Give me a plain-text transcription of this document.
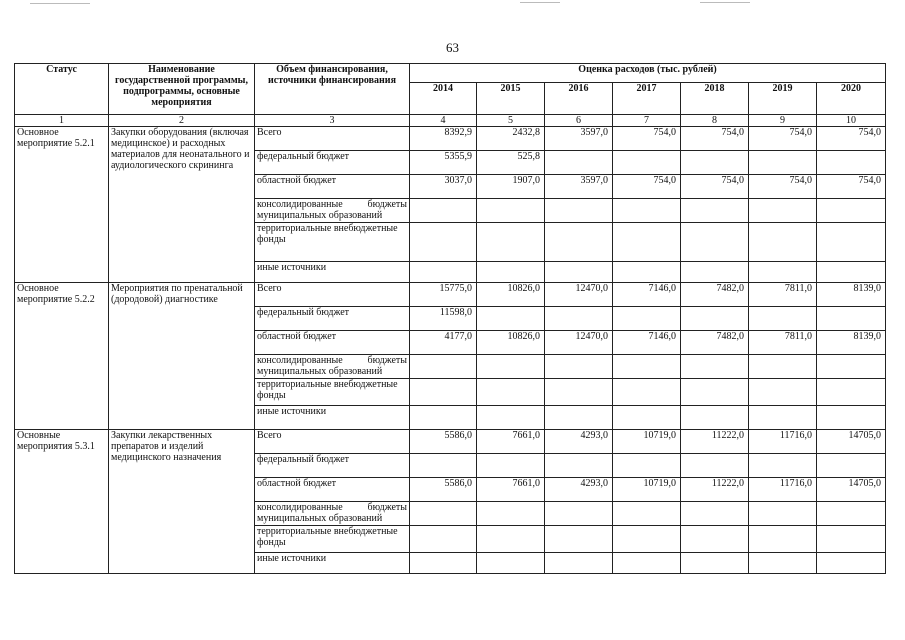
63
Статус	Наименование государственной программы, подпрограммы, основные мероприятия	Объем финансирования, источники финансирования	Оценка расходов (тыс. рублей)						
			2014	2015	2016	2017	2018	2019	2020
1	2	3	4	5	6	7	8	9	10
Основное мероприятие 5.2.1	Закупки оборудования (включая медицинское) и расходных материалов для неонатального и аудиологического скрининга	Всего	8392,9	2432,8	3597,0	754,0	754,0	754,0	754,0
		федеральный бюджет	5355,9	525,8					
		областной бюджет	3037,0	1907,0	3597,0	754,0	754,0	754,0	754,0
		консолидированные бюджеты муниципальных образований							
		территориальные внебюджетные фонды							
		иные источники							
Основное мероприятие 5.2.2	Мероприятия по пренатальной (дородовой) диагностике	Всего	15775,0	10826,0	12470,0	7146,0	7482,0	7811,0	8139,0
		федеральный бюджет	11598,0						
		областной бюджет	4177,0	10826,0	12470,0	7146,0	7482,0	7811,0	8139,0
		консолидированные бюджеты муниципальных образований							
		территориальные внебюджетные фонды							
		иные источники							
Основные мероприятия 5.3.1	Закупки лекарственных препаратов и изделий медицинского назначения	Всего	5586,0	7661,0	4293,0	10719,0	11222,0	11716,0	14705,0
		федеральный бюджет							
		областной бюджет	5586,0	7661,0	4293,0	10719,0	11222,0	11716,0	14705,0
		консолидированные бюджеты муниципальных образований							
		территориальные внебюджетные фонды							
		иные источники							
